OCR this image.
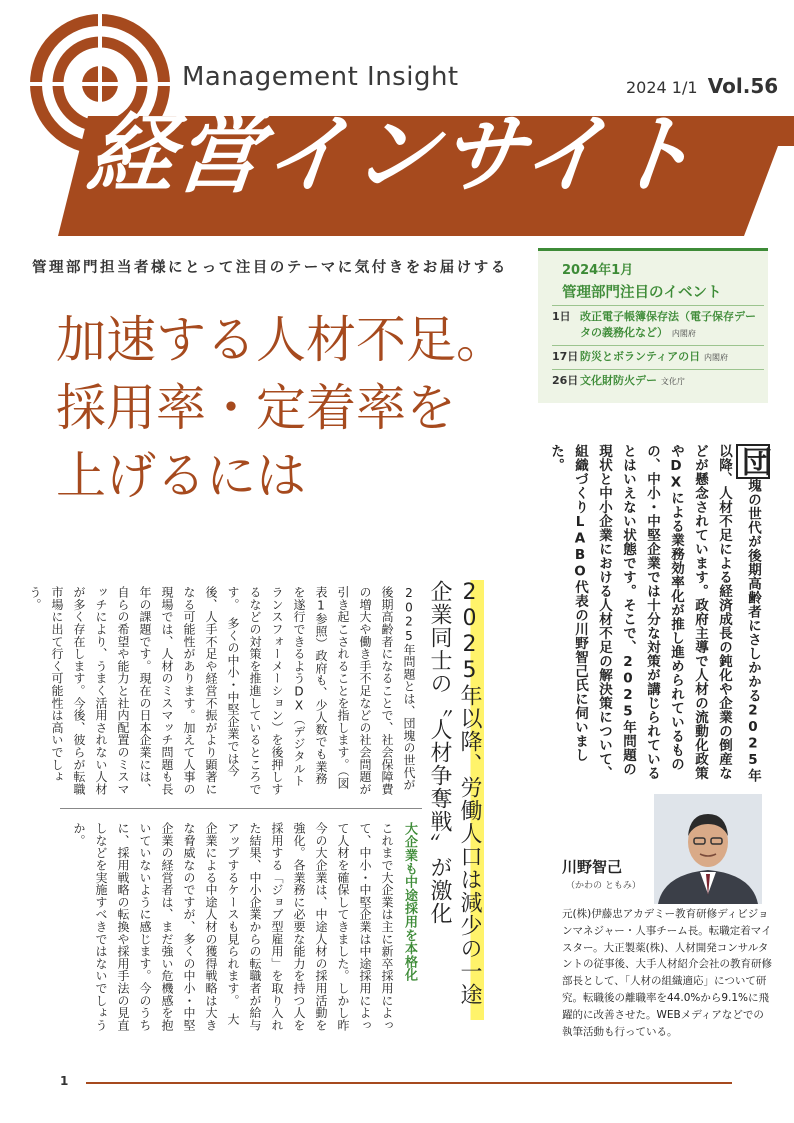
Management Insight	2024 1/1 Vol.56
経営インサイト
管理部門担当者様にとって注目のテーマに気付きをお届けする	2024年1月
管理部門注目のイベント
1日 改正電子帳簿保存法（電子保存データの義務化など） 内閣府
17日 防災とボランティアの日 内閣府
26日 文化財防火デー 文化庁
加速する人材不足。
採用率・定着率を
上げるには	団塊の世代が後期高齢者にさしかかる2025年以降、人材不足による経済成長の鈍化や企業の倒産などが懸念されています。政府主導で人材の流動化政策やDXによる業務効率化が推し進められているものの、中小・中堅企業では十分な対策が講じられているとはいえない状態です。そこで、2025年問題の現状と中小企業における人材不足の解決策について、組織づくりLABO代表の川野智己氏に伺いました。
2025年以降、労働人口は減少の一途
企業同士の〝人材争奪戦〟が激化
2025年問題とは、団塊の世代が後期高齢者になることで、社会保障費の増大や働き手不足などの社会問題が引き起こされることを指します。（図表1参照）政府も、少人数でも業務を遂行できるようDX（デジタルトランスフォーメーション）を後押しするなどの対策を推進しているところです。　多くの中小・中堅企業では今後、人手不足や経営不振がより顕著になる可能性があります。加えて人事の現場では、人材のミスマッチ問題も長年の課題です。現在の日本企業には、自らの希望や能力と社内配置のミスマッチにより、うまく活用されない人材が多く存在します。今後、彼らが転職市場に出て行く可能性は高いでしょう。
大企業も中途採用を本格化
これまで大企業は主に新卒採用によって、中小・中堅企業は中途採用によって人材を確保してきました。しかし昨今の大企業は、中途人材の採用活動を強化。各業務に必要な能力を持つ人を採用する「ジョブ型雇用」を取り入れた結果、中小企業からの転職者が給与アップするケースも見られます。　大企業による中途人材の獲得戦略は大きな脅威なのですが、多くの中小・中堅企業の経営者は、まだ強い危機感を抱いていないように感じます。今のうちに、採用戦略の転換や採用手法の見直しなどを実施すべきではないでしょうか。
川野智己
（かわの ともみ）
元(株)伊藤忠アカデミー教育研修ディビジョンマネジャー・人事チーム長。転職定着マイスター。大正製薬(株)、人材開発コンサルタントの従事後、大手人材紹介会社の教育研修部長として、「人材の組織適応」について研究。転職後の離職率を44.0%から9.1%に飛躍的に改善させた。WEBメディアなどでの執筆活動も行っている。
1
